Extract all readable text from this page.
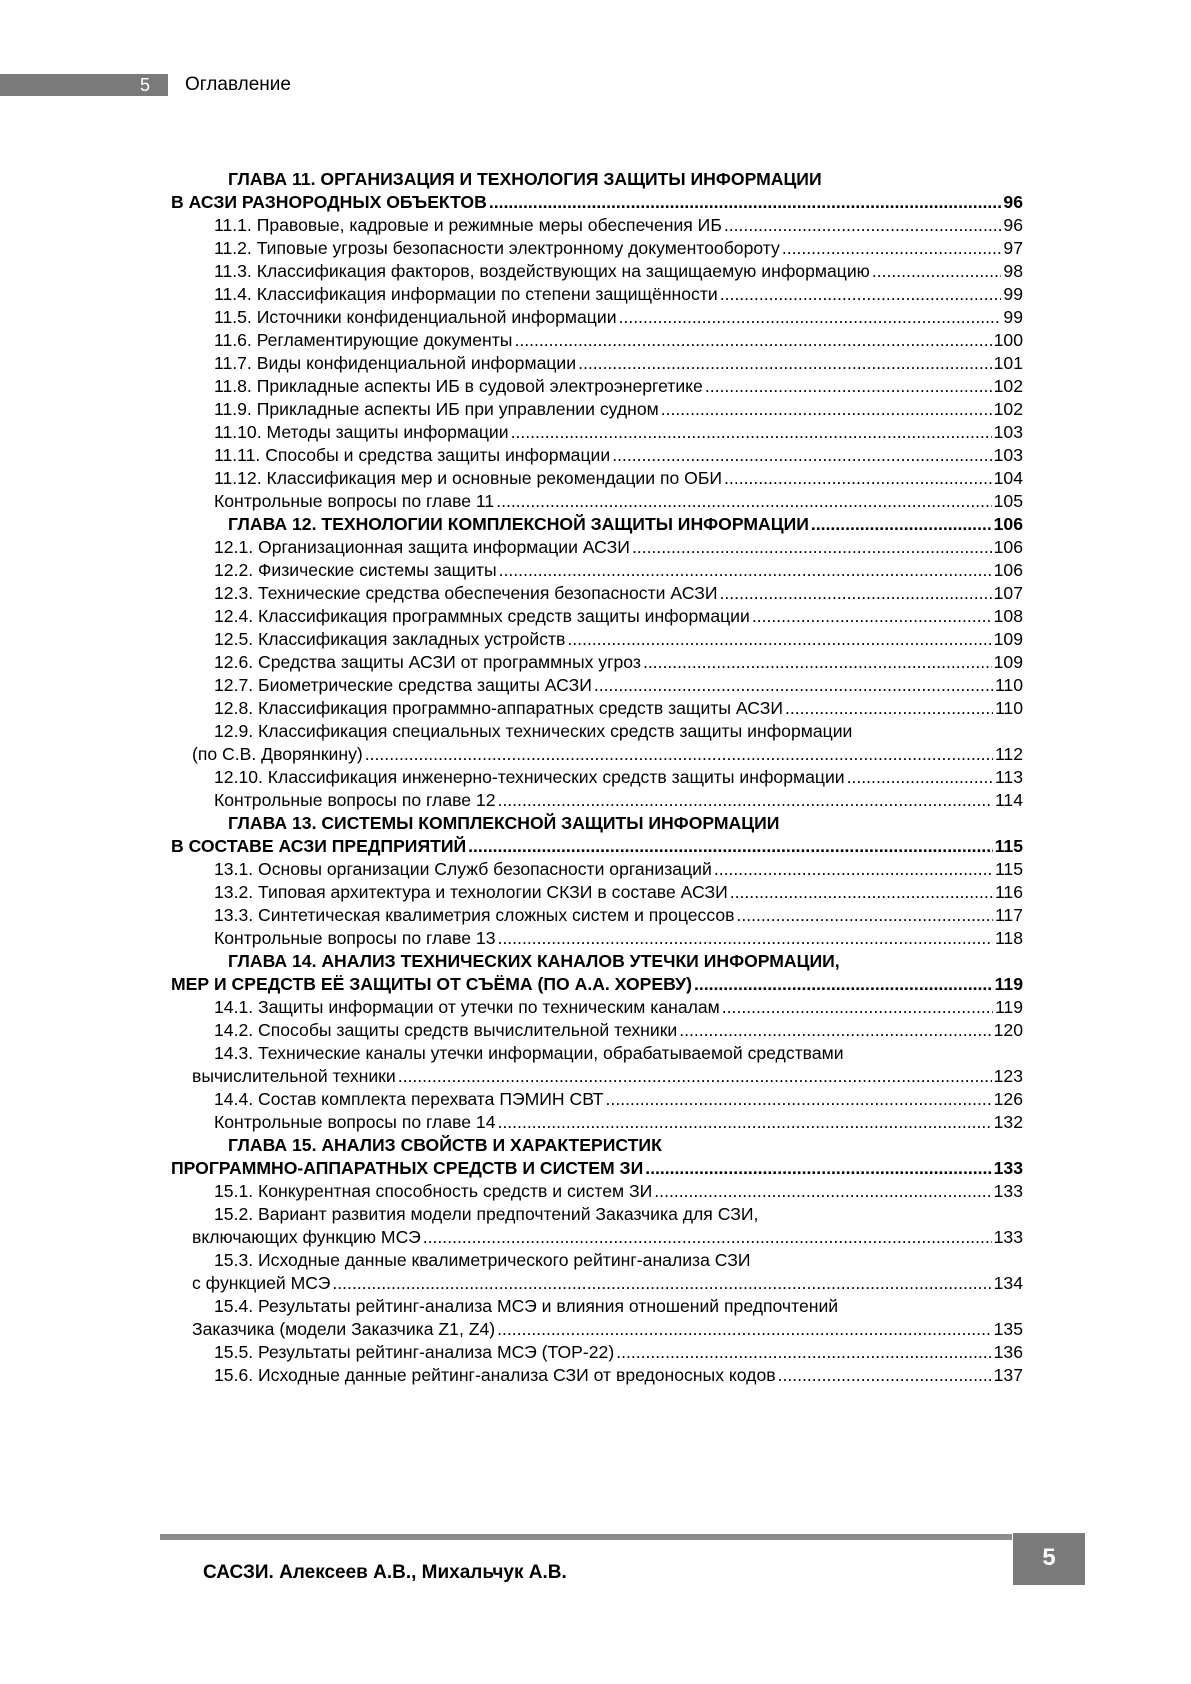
5	Оглавление
ГЛАВА 11. ОРГАНИЗАЦИЯ И ТЕХНОЛОГИЯ ЗАЩИТЫ ИНФОРМАЦИИ
В АСЗИ РАЗНОРОДНЫХ ОБЪЕКТОВ .....	96
11.1. Правовые, кадровые и режимные меры обеспечения ИБ .....	96
11.2. Типовые угрозы безопасности электронному документообороту .....	97
11.3. Классификация факторов, воздействующих на защищаемую информацию .....	98
11.4. Классификация информации по степени защищённости .....	99
11.5. Источники конфиденциальной информации .....	99
11.6. Регламентирующие документы .....	100
11.7. Виды конфиденциальной информации .....	101
11.8. Прикладные аспекты ИБ в судовой электроэнергетике .....	102
11.9. Прикладные аспекты ИБ при управлении судном .....	102
11.10. Методы защиты информации .....	103
11.11. Способы и средства защиты информации .....	103
11.12. Классификация мер и основные рекомендации по ОБИ .....	104
Контрольные вопросы по главе 11 .....	105
ГЛАВА 12. ТЕХНОЛОГИИ КОМПЛЕКСНОЙ ЗАЩИТЫ ИНФОРМАЦИИ .....	106
12.1. Организационная защита информации АСЗИ .....	106
12.2. Физические системы защиты .....	106
12.3. Технические средства обеспечения безопасности АСЗИ .....	107
12.4. Классификация программных средств защиты информации .....	108
12.5. Классификация закладных устройств .....	109
12.6. Средства защиты АСЗИ от программных угроз .....	109
12.7. Биометрические средства защиты АСЗИ .....	110
12.8. Классификация программно-аппаратных средств защиты АСЗИ .....	110
12.9. Классификация специальных технических средств защиты информации
(по С.В. Дворянкину) .....	112
12.10. Классификация инженерно-технических средств защиты информации .....	113
Контрольные вопросы по главе 12 .....	114
ГЛАВА 13. СИСТЕМЫ КОМПЛЕКСНОЙ ЗАЩИТЫ ИНФОРМАЦИИ
В СОСТАВЕ АСЗИ ПРЕДПРИЯТИЙ .....	115
13.1. Основы организации Служб безопасности организаций .....	115
13.2. Типовая архитектура и технологии СКЗИ в составе АСЗИ .....	116
13.3. Синтетическая квалиметрия сложных систем и процессов .....	117
Контрольные вопросы по главе 13 .....	118
ГЛАВА 14. АНАЛИЗ ТЕХНИЧЕСКИХ КАНАЛОВ УТЕЧКИ ИНФОРМАЦИИ,
МЕР И СРЕДСТВ ЕЁ ЗАЩИТЫ ОТ СЪЁМА (ПО А.А. ХОРЕВУ) .....	119
14.1. Защиты информации от утечки по техническим каналам .....	119
14.2. Способы защиты средств вычислительной техники .....	120
14.3. Технические каналы утечки информации, обрабатываемой средствами
вычислительной техники .....	123
14.4. Состав комплекта перехвата ПЭМИН СВТ .....	126
Контрольные вопросы по главе 14 .....	132
ГЛАВА 15. АНАЛИЗ СВОЙСТВ И ХАРАКТЕРИСТИК
ПРОГРАММНО-АППАРАТНЫХ СРЕДСТВ И СИСТЕМ ЗИ .....	133
15.1. Конкурентная способность средств и систем ЗИ .....	133
15.2. Вариант развития модели предпочтений Заказчика для СЗИ,
включающих функцию МСЭ .....	133
15.3. Исходные данные квалиметрического рейтинг-анализа СЗИ
с функцией МСЭ .....	134
15.4. Результаты рейтинг-анализа МСЭ и влияния отношений предпочтений
Заказчика (модели Заказчика Z1, Z4) .....	135
15.5. Результаты рейтинг-анализа МСЭ (ТОР-22) .....	136
15.6. Исходные данные рейтинг-анализа СЗИ от вредоносных кодов .....	137
САСЗИ. Алексеев А.В., Михальчук А.В.
5
